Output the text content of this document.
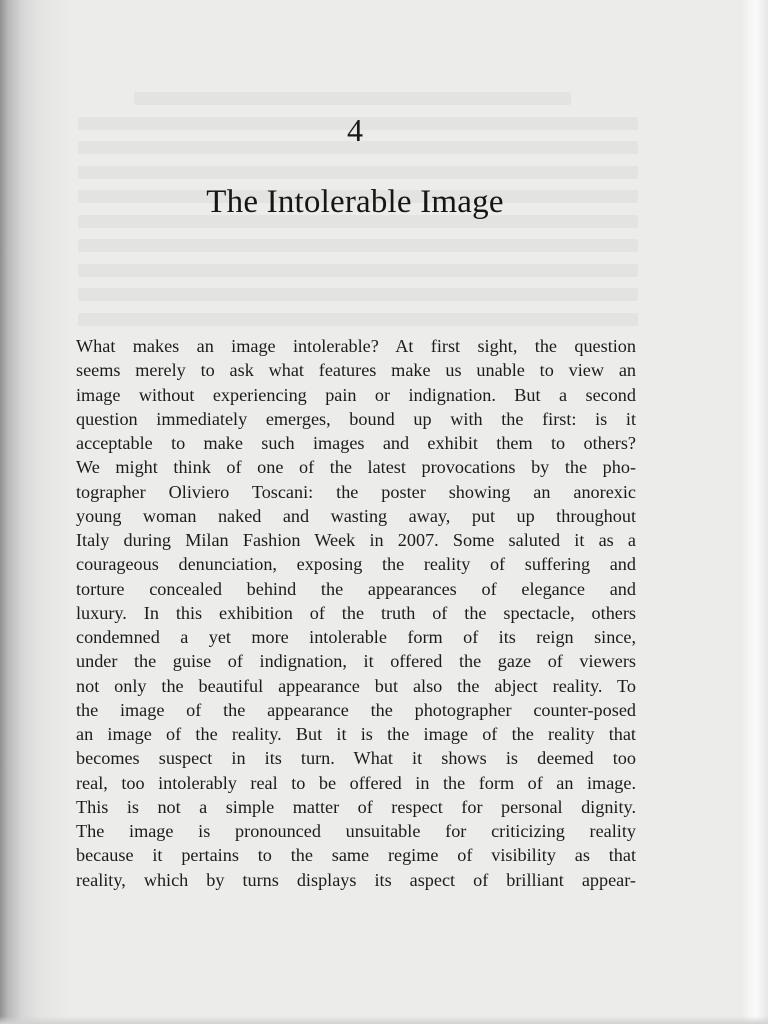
4
The Intolerable Image
What makes an image intolerable? At first sight, the question
seems merely to ask what features make us unable to view an
image without experiencing pain or indignation. But a second
question immediately emerges, bound up with the first: is it
acceptable to make such images and exhibit them to others?
We might think of one of the latest provocations by the pho-
tographer Oliviero Toscani: the poster showing an anorexic
young woman naked and wasting away, put up throughout
Italy during Milan Fashion Week in 2007. Some saluted it as a
courageous denunciation, exposing the reality of suffering and
torture concealed behind the appearances of elegance and
luxury. In this exhibition of the truth of the spectacle, others
condemned a yet more intolerable form of its reign since,
under the guise of indignation, it offered the gaze of viewers
not only the beautiful appearance but also the abject reality. To
the image of the appearance the photographer counter-posed
an image of the reality. But it is the image of the reality that
becomes suspect in its turn. What it shows is deemed too
real, too intolerably real to be offered in the form of an image.
This is not a simple matter of respect for personal dignity.
The image is pronounced unsuitable for criticizing reality
because it pertains to the same regime of visibility as that
reality, which by turns displays its aspect of brilliant appear-
